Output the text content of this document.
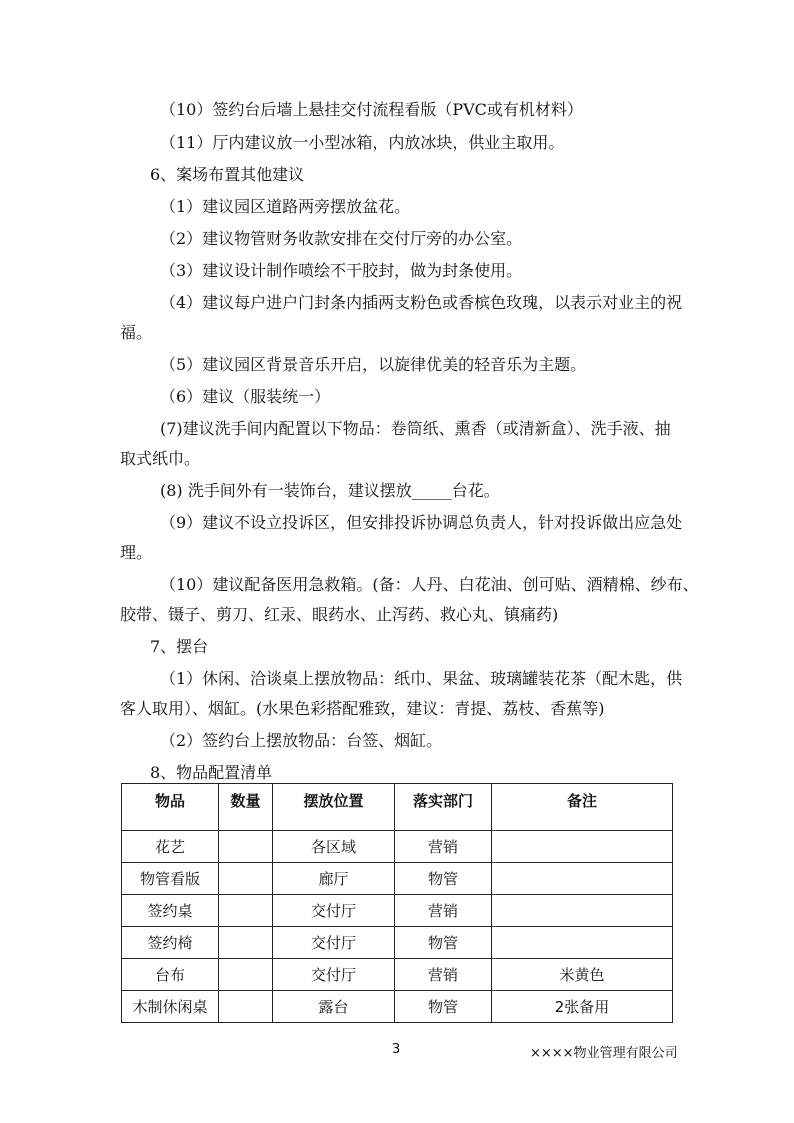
（10）签约台后墙上悬挂交付流程看版（PVC或有机材料）
（11）厅内建议放一小型冰箱，内放冰块，供业主取用。
6、案场布置其他建议
（1）建议园区道路两旁摆放盆花。
（2）建议物管财务收款安排在交付厅旁的办公室。
（3）建议设计制作喷绘不干胶封，做为封条使用。
（4）建议每户进户门封条内插两支粉色或香槟色玫瑰，以表示对业主的祝
福。
（5）建议园区背景音乐开启，以旋律优美的轻音乐为主题。
（6）建议（服装统一）
(7)建议洗手间内配置以下物品：卷筒纸、熏香（或清新盒）、洗手液、抽
取式纸巾。
(8) 洗手间外有一装饰台，建议摆放_____台花。
（9）建议不设立投诉区，但安排投诉协调总负责人，针对投诉做出应急处
理。
（10）建议配备医用急救箱。(备：人丹、白花油、创可贴、酒精棉、纱布、
胶带、镊子、剪刀、红汞、眼药水、止泻药、救心丸、镇痛药)
7、摆台
（1）休闲、洽谈桌上摆放物品：纸巾、果盆、玻璃罐装花茶（配木匙，供
客人取用）、烟缸。(水果色彩搭配雅致，建议：青提、荔枝、香蕉等)
（2）签约台上摆放物品：台签、烟缸。
8、物品配置清单
物品	数量	摆放位置	落实部门	备注
花艺		各区域	营销	
物管看版		廊厅	物管	
签约桌		交付厅	营销	
签约椅		交付厅	物管	
台布		交付厅	营销	米黄色
木制休闲桌		露台	物管	2张备用
3	××××物业管理有限公司
